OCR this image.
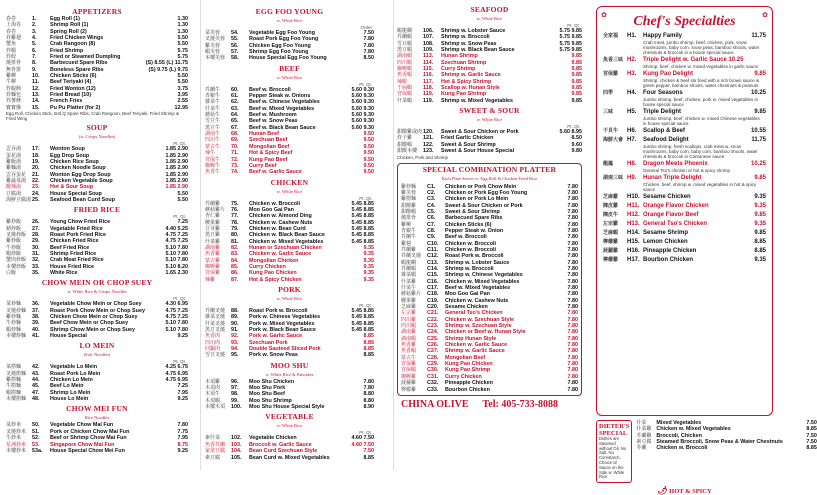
APPETIZERS
春卷	1.	Egg Roll (1)	1.30
上海卷	2.	Shrimp Roll (1)	1.30
春卷	3.	Spring Roll (2)	1.30
炸雞翅	4.	Fried Chicken Wings	5.50
蟹角	5.	Crab Rangoon (8)	5.50
炸蝦	6.	Fried Shrimp	5.75
炸餃	7.	Fried or Steamed Dumpling	5.75
燒排骨	8.	Barbecued Spare Ribs	(S) 8.55 (L) 11.75
無骨排	9.	Boneless Spare Ribs	(S) 9.75 (L) 9.75
雞柳	10.	Chicken Sticks (6)	5.50
牛柳	11.	Beef Teriyaki (4)	5.50
炸餛飩	12.	Fried Wonton (12)	3.75
炸麵包	13.	Fried Bread (10)	3.95
炸薯條	14.	French Fries	2.55
寶寶盤	15.	Pu Pu Platter (for 2)	12.95
Egg Roll, Chicken Stick, B.B.Q Spare Ribs, Crab Rangoon, Beef Teriyaki, Fried Shrimp & Fried Wing
SOUP
(w. Crispy Noodles)
Pt. Qt.
雲吞湯	17.	Wonton Soup	1.85 2.90
蛋花湯	18.	Egg Drop Soup	1.85 2.90
雞飯湯	19.	Chicken Rice Soup	1.85 2.90
雞麵湯	20.	Chicken Noodle Soup	1.85 2.90
雲吞蛋花	21.	Wonton Egg Drop Soup	1.85 2.90
雞蔬菜湯	22.	Chicken Vegetable Soup	1.85 2.90
酸辣湯	23.	Hot & Sour Soup	1.85 2.90
豆腐湯	24.	House Special Soup	5.50
海鮮豆腐湯 25.	Seafood Bean Curd Soup	5.50
FRIED RICE
Pt. Qt.
雞炒飯	26.	Young Chow Fried Rice	7.25
豬炒飯	27.	Vegetable Fried Rice	4.40 5.25
叉燒炒飯	28.	Roast Pork Fried Rice	4.75 7.25
雞炒飯	29.	Chicken Fried Rice	4.75 7.25
牛炒飯	30.	Beef Fried Rice	5.10 7.80
蝦炒飯	31.	Shrimp Fried Rice	5.10 7.80
蟹肉炒飯	32.	Crab Meat Fried Rice	5.10 7.80
本樓炒飯	33.	House Fried Rice	5.10 8.20
白飯	35.	White Rice	1.65 2.30
CHOW MEIN OR CHOP SUEY
w. White Rice & Crispy Noodles
Pt. Qt.
菜炒麵	36.	Vegetable Chow Mein or Chop Suey	4.30 6.95
叉燒炒麵	37.	Roast Pork Chow Mein or Chop Suey	4.75 7.25
雞炒麵	38.	Chicken Chow Mein or Chop Suey	4.75 7.25
牛炒麵	39.	Beef Chow Mein or Chop Suey	5.10 7.80
蝦炒麵	40.	Shrimp Chow Mein or Chop Suey	5.10 7.80
本樓炒麵	41.	House Special	9.25
LO MEIN
(Soft Noodles)
Pt. Qt.
菜撈麵	42.	Vegetable Lo Mein	4.25 6.75
叉燒撈麵	43.	Roast Pork Lo Mein	4.75 6.95
雞撈麵	44.	Chicken Lo Mein	4.75 6.95
牛撈麵	45.	Beef Lo Mein	7.25
蝦撈麵	47.	Shrimp Lo Mein	7.95
本樓撈麵	48.	House Lo Mein	9.25
CHOW MEI FUN
Rice Noodles
菜炒米	50.	Vegetable Chow Mai Fun	7.80
叉燒炒米	51.	Pork or Chicken Chow Mai Fun	7.75
牛炒米	52.	Beef or Shrimp Chow Mai Fun	7.95
星洲炒米	53.	Singapore Chow Mai Fun	8.75
本樓炒米	53a.	House Special Chow Mei Fun	9.25
EGG FOO YOUNG
w. White Rice
Order
菜芙蓉	54.	Vegetable Egg Foo Young	7.50
叉燒芙蓉	55.	Roast Pork Egg Foo Young	7.80
雞芙蓉	56.	Chicken Egg Foo Young	7.80
蝦芙蓉	57.	Shrimp Egg Foo Young	7.80
本樓芙蓉	58.	House Special Egg Foo Young	8.50
BEEF
w. White Rice
Pt. Qt.
芥蘭牛	60.	Beef w. Broccoli	5.60 9.30
青椒牛	61.	Pepper Steak w. Onions	5.60 9.30
雜菜牛	62.	Beef w. Chinese Vegetables	5.60 9.30
什菜牛	63.	Beef w. Mixed Vegetables	5.60 9.30
蘑菇牛	64.	Beef w. Mushroom	5.60 9.30
雪豆牛	65.	Beef w. Snow Peas	5.60 9.30
黑豆牛	67.	Beef w. Black Bean Sauce	5.60 9.30
湖南牛	68.	Hunan Beef	9.50
四川牛	69.	Szechuan Beef	9.50
蒙古牛	70.	Mongolian Beef	9.50
辣牛	71.	Hot & Spicy Beef	9.50
宮保牛	72.	Kung Pao Beef	9.50
咖喱牛	73.	Curry Beef	9.50
魚香牛	74.	Beef w. Garlic Sauce	9.50
CHICKEN
w. White Rice
Pt. Qt.
芥蘭雞	75.	Chicken w. Broccoli	5.45 8.85
蘑菇雞片	76.	Moo Goo Gai Pan	5.45 8.85
杏仁雞	77.	Chicken w. Almond Ding	5.45 8.85
腰果雞	78.	Chicken w. Cashew Nuts	5.45 8.85
豆芽雞	79.	Chicken w. Bean Curd	5.45 8.85
黑豆雞	80.	Chicken w. Black Bean Sauce	5.45 8.85
什菜雞	81.	Chicken w. Mixed Vegetables	5.45 8.85
湖南雞	82.	Hunan or Szechuan Chicken	9.35
魚香雞	83.	Chicken w. Garlic Sauce	9.35
蒙古雞	84.	Mongolian Chicken	9.35
咖喱雞	85.	Curry Chicken	9.35
宮保雞	86.	Kung Pao Chicken	9.35
辣雞	87.	Hot & Spicy Chicken	9.35
PORK
w. White Rice
Pt. Qt.
芥蘭叉燒	88.	Roast Pork w. Broccoli	5.45 8.85
雜菜叉燒	89.	Pork w. Chinese Vegetables	5.45 8.85
什菜叉燒	90.	Pork w. Mixed Vegetables	5.45 8.85
黑豆叉燒	91.	Pork w. Black Bean Sauce	5.45 8.85
魚香肉	92.	Pork w. Garlic Sauce	8.85
四川肉	93.	Szechuan Pork	8.85
回鍋肉	94.	Double Sauteed Sliced Pork	8.85
雪豆叉燒	95.	Pork w. Snow Peas	8.85
MOO SHU
w. White Rice & Pancakes
木須雞	96.	Moo Shu Chicken	7.80
木須肉	97.	Moo Shu Pork	7.80
木須牛	98.	Moo Shu Beef	8.80
木須蝦	99.	Moo Shu Shrimp	8.80
本樓木須	100.	Moo Shu House Special Style	8.90
VEGETABLE
w. White Rice
Pt. Qt.
素什菜	102.	Vegetable Chicken	4.60 7.50
魚香芥蘭	103.	Broccoli w. Garlic Sauce	4.60 7.50
家常豆腐	104.	Bean Curd Szechuan Style	7.50
素豆腐	105.	Bean Curd w. Mixed Vegetables	8.85
SEAFOOD
w. White Rice
Pt. Qt.
蝦龍糊	106.	Shrimp w. Lobster Sauce	5.75 9.85
芥蘭蝦	107.	Shrimp w. Broccoli	5.75 9.85
雪豆蝦	108.	Shrimp w. Snow Peas	5.75 9.85
黑豆蝦	109.	Shrimp w. Black Bean Sauce	5.75 9.85
湖南蝦	113.	Hunan Shrimp	9.85
四川蝦	114.	Szechuan Shrimp	9.85
咖喱蝦	115.	Curry Shrimp	9.85
魚香蝦	116.	Shrimp w. Garlic Sauce	9.85
辣蝦	117.	Hot & Spicy Shrimp	9.85
干扁蝦	118.	Scallop w. Hunan Style	9.85
宮保蝦	119.	Kung Pao Shrimp	9.85
什菜蝦	119.	Shrimp w. Mixed Vegetables	9.85
SWEET & SOUR
w. White Rice
Pt. Qt.
甜酸雞或肉 120.	Sweet & Sour Chicken or Pork	5.60 8.95
炸子雞	121.	Fried Garlic Chicken	8.50
甜酸蝦	122.	Sweet & Sour Shrimp	9.60
甜酸本樓	123.	Sweet & Sour House Special	9.80
Chicken, Pork and Shrimp
SPECIAL COMBINATION PLATTER
Each Plate Serves w. Egg Roll & Chicken Fried Rice
雞炒麵	C1.	Chicken or Pork Chow Mein	7.80
雞芙蓉	C2.	Chicken or Pork Egg Foo Young	7.80
雞撈麵	C3.	Chicken or Pork Lo Mein	7.80
甜酸雞	C4.	Sweet & Sour Chicken or Pork	7.80
甜酸蝦	C5.	Sweet & Sour Shrimp	7.80
燒排骨	C6.	Barbecued Spare Ribs	7.80
雞柳	C7.	Chicken Sticks (6)	7.80
青椒牛	C8.	Pepper Steak w. Onion	7.80
芥蘭牛	C9.	Beef w. Broccoli	7.80
雞翅	C10.	Chicken w. Broccoli	7.80
芥蘭雞	C11.	Chicken w. Broccoli	7.80
芥蘭叉燒	C12.	Roast Pork w. Broccoli	7.80
蝦龍糊	C13.	Shrimp w. Lobster Sauce	7.80
芥蘭蝦	C14.	Shrimp w. Broccoli	7.80
雜菜蝦	C15.	Shrimp w. Chinese Vegetables	7.80
什菜雞	C16.	Chicken w. Mixed Vegetables	7.80
什菜牛	C17.	Beef w. Mixed Vegetables	7.80
蘑菇雞片	C18.	Moo Goo Gai Pan	7.80
腰果雞	C19.	Chicken w. Cashew Nuts	7.80
芝麻雞	C20.	Sesame Chicken	7.80
左宗雞	C21.	General Tso's Chicken	7.80
四川雞	C22.	Chicken w. Szechuan Style	7.80
四川蝦	C23.	Shrimp w. Szechuan Style	7.80
湖南雞	C24.	Chicken or Beef w. Hunan Style	7.80
湖南蝦	C25.	Shrimp Hunan Style	7.80
魚香雞	C26.	Chicken w. Garlic Sauce	7.80
魚香蝦	C27.	Shrimp w. Garlic Sauce	7.80
蒙古牛	C28.	Mongolian Beef	7.80
宮保雞	C29.	Kung Pao Chicken	7.80
宮保蝦	C30.	Kung Pao Shrimp	7.80
咖喱雞	C31.	Curry Chicken	7.80
菠蘿雞	C32.	Pineapple Chicken	7.80
檸檬雞	C33.	Bourbon Chicken	7.80
CHINA OLIVE Tel: 405-733-8088
✿	✿
Chef's Specialties
全家福	H1.	Happy Family	11.75
Crab meat, jumbo shrimp, beef, chicken, pork, snow mushrooms, baby corn, snow peas, bamboo shoots, water chestnuts & broccoli in a house special sauce
魚香三味 H2.	Triple Delight w. Garlic Sauce 10.25
Shrimp, beef, chicken w. mixed vegetables in garlic sauce
宮保雞	H3.	Kung Pao Delight	9.85
Shrimp, chicken & beef stir fried with a rich brown sauce & green pepper, bamboo shoots, water chestnuts & peanuts
四季	H4.	Four Seasons	10.25
Jumbo shrimp, beef, chicken, pork w. mixed vegetables in house special sauce
三味	H5.	Triple Delight	9.85
Jumbo shrimp, beef, chicken w. mixed Chinese vegetables in house special sauce
干貝牛	H6.	Scallop & Beef	10.55
海鮮大會 H7.	Seafood Delight	11.75
Jumbo shrimp, fresh scallops, crab meat w. snow mushrooms, baby corn, baby corn, bamboo shoots, water chestnuts & broccoli in Cantonese sauce
龍鳳	H8.	Dragon Meets Phoenix	10.25
General Tso's chicken or hot & spicy shrimp
湖南三味 H9.	Hunan Triple Delight	9.85
Chicken, beef, shrimp w. mixed vegetables in hot & spicy sauce
芝麻雞	H10. Sesame Chicken	9.35
陳皮雞	H11. Orange Flavor Chicken	9.35
陳皮牛	H12. Orange Flavor Beef	9.85
左宗雞	H13. General Tso's Chicken	9.35
芝麻蝦	H14. Sesame Shrimp	9.85
檸檬雞	H15. Lemon Chicken	8.85
菠蘿雞	H16. Pineapple Chicken	8.85
檸檬雞	H17. Bourbon Chicken	9.35
DIETER'S SPECIAL
Dishes are Steamed without Oil, No Salt, No Cornstarch, Choice of Sauce on the Side w. White Rice
什菜	Mixed Vegetables	7.50
什菜雞 Chicken w. Mixed Vegetables	8.85
芥蘭雞 Broccoli, Chicken	7.50
素豆腐 Steamed Broccoli, Snow Peas & Water Chestnuts	7.50
芥蘭	Chicken w. Broccoli	8.85
🌶 HOT & SPICY
